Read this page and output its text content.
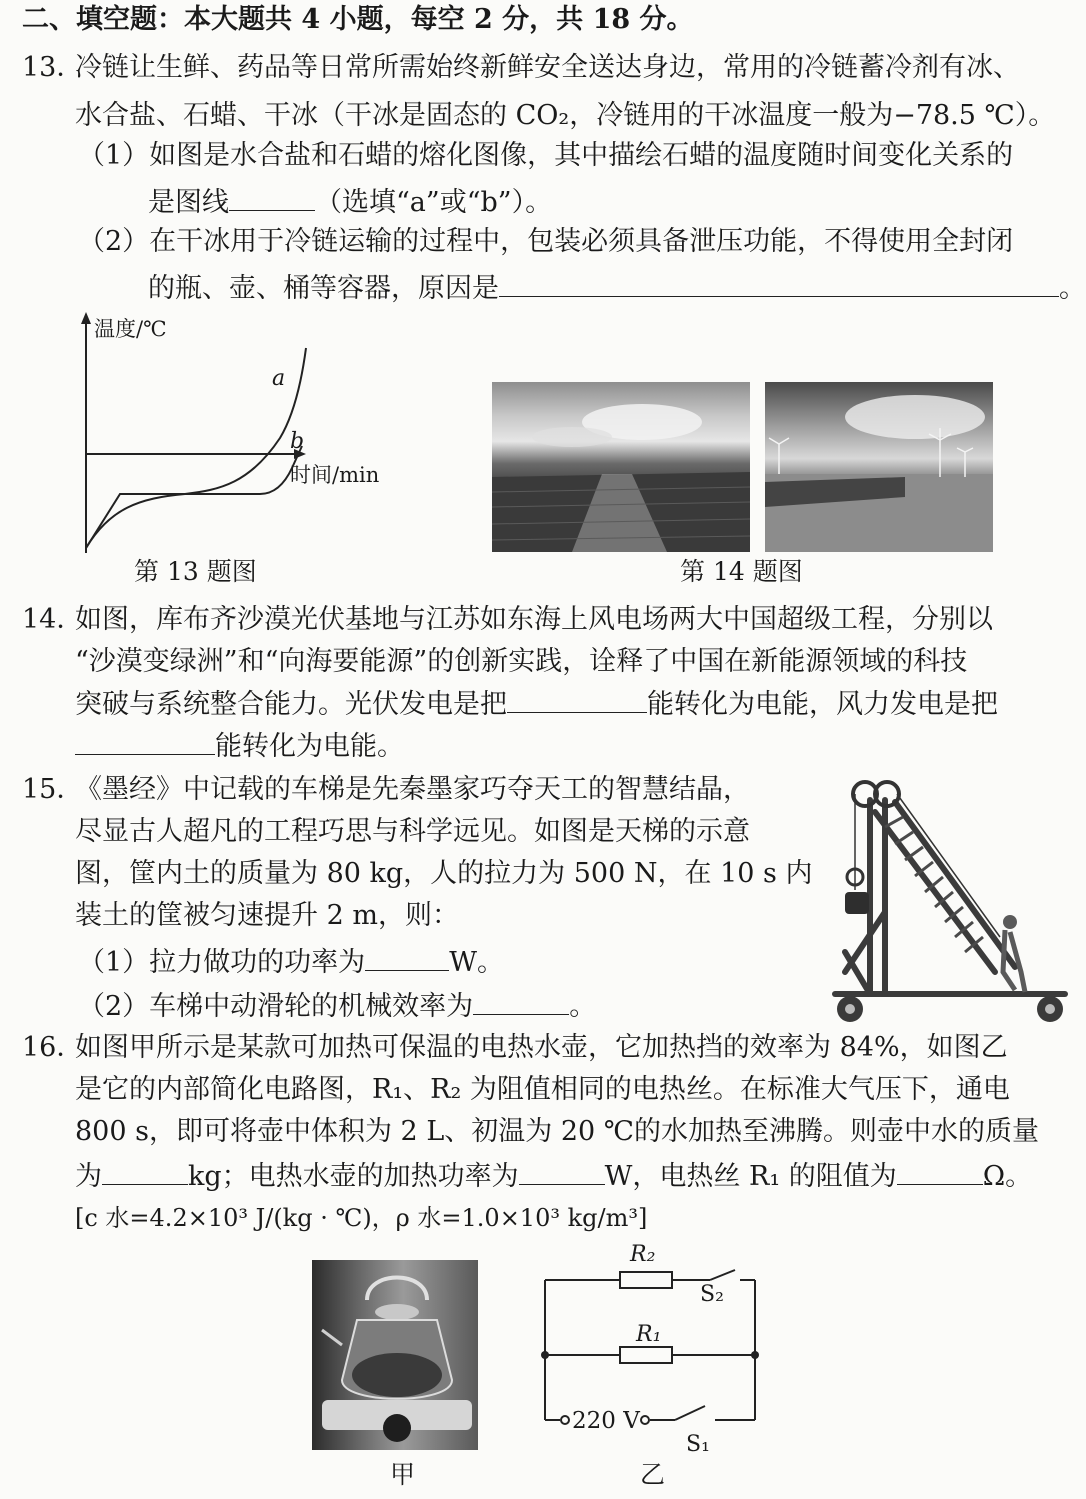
二、填空题：本大题共 4 小题，每空 2 分，共 18 分。
13．
冷链让生鲜、药品等日常所需始终新鲜安全送达身边，常用的冷链蓄冷剂有冰、
水合盐、石蜡、干冰（干冰是固态的 CO₂，冷链用的干冰温度一般为−78.5 ℃）。
（1）如图是水合盐和石蜡的熔化图像，其中描绘石蜡的温度随时间变化关系的
是图线	（选填“a”或“b”）。
（2）在干冰用于冷链运输的过程中，包装必须具备泄压功能，不得使用全封闭
的瓶、壶、桶等容器，原因是	。
温度/℃
时间/min
a
b
第 13 题图	第 14 题图
14．
如图，库布齐沙漠光伏基地与江苏如东海上风电场两大中国超级工程，分别以
“沙漠变绿洲”和“向海要能源”的创新实践，诠释了中国在新能源领域的科技
突破与系统整合能力。光伏发电是把	能转化为电能，风力发电是把
能转化为电能。
15．
《墨经》中记载的车梯是先秦墨家巧夺天工的智慧结晶，
尽显古人超凡的工程巧思与科学远见。如图是天梯的示意
图，筐内土的质量为 80 kg，人的拉力为 500 N，在 10 s 内
装土的筐被匀速提升 2 m，则：
（1）拉力做功的功率为	W。
（2）车梯中动滑轮的机械效率为	。
16．
如图甲所示是某款可加热可保温的电热水壶，它加热挡的效率为 84%，如图乙
是它的内部简化电路图，R₁、R₂ 为阻值相同的电热丝。在标准大气压下，通电
800 s，即可将壶中体积为 2 L、初温为 20 ℃的水加热至沸腾。则壶中水的质量
为	kg；电热水壶的加热功率为	W，电热丝 R₁ 的阻值为	Ω。
[c 水=4.2×10³ J/(kg · ℃)，ρ 水=1.0×10³ kg/m³]
甲
R₂
S₂
R₁
220 V
S₁
乙
